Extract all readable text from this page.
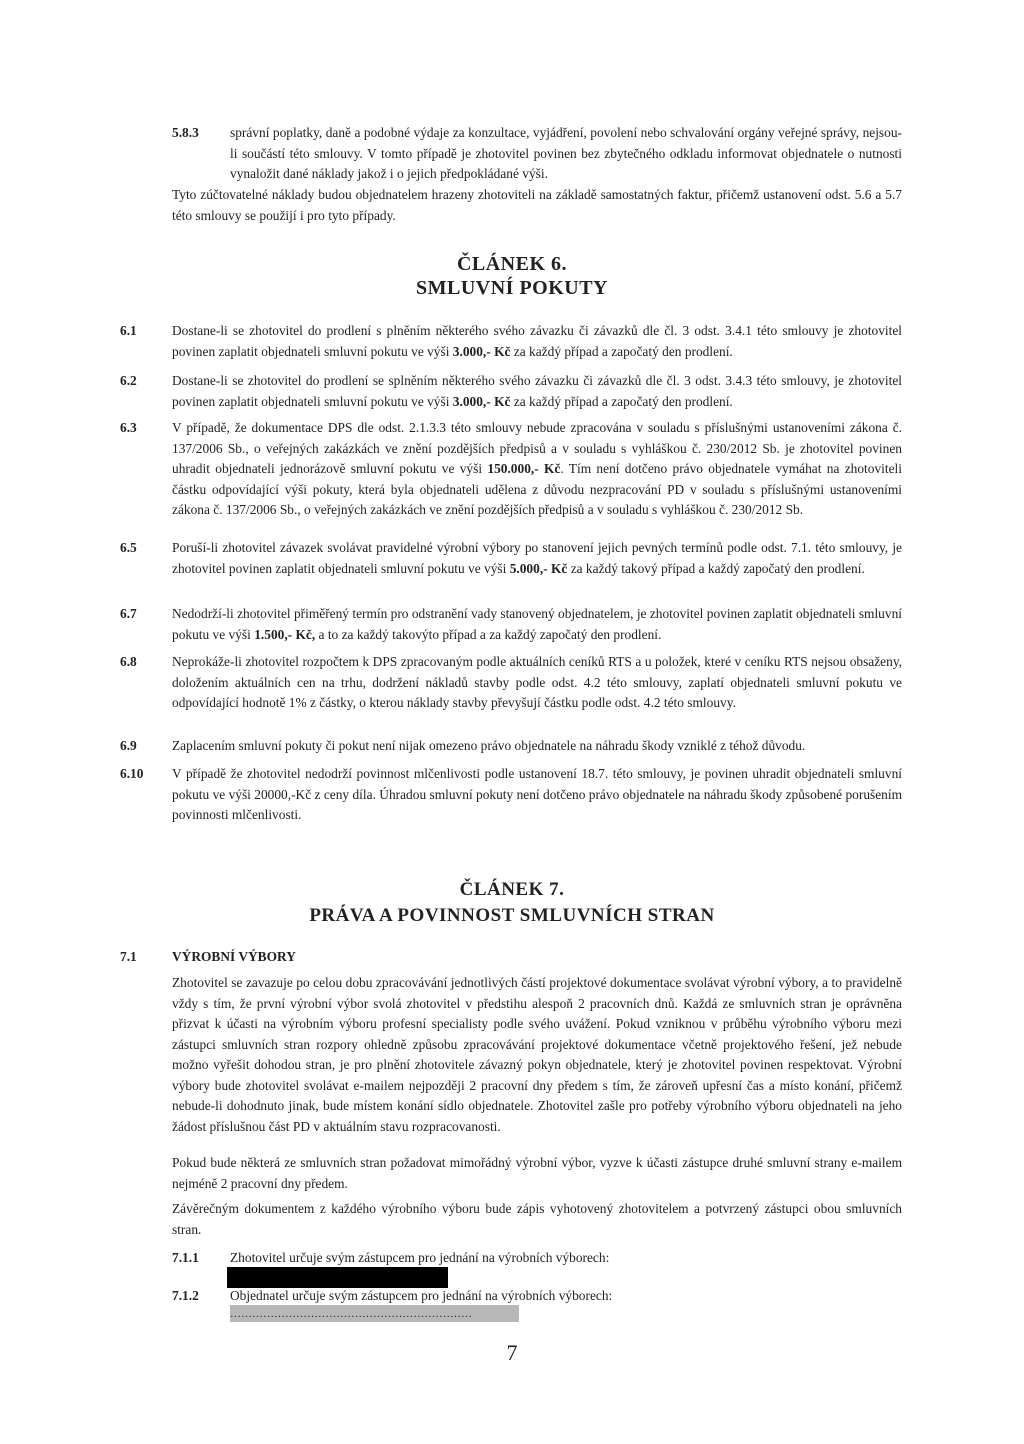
5.8.3 správní poplatky, daně a podobné výdaje za konzultace, vyjádření, povolení nebo schvalování orgány veřejné správy, nejsou-li součástí této smlouvy. V tomto případě je zhotovitel povinen bez zbytečného odkladu informovat objednatele o nutnosti vynaložit dané náklady jakož i o jejich předpokládané výši.
Tyto zúčtovatelné náklady budou objednatelem hrazeny zhotoviteli na základě samostatných faktur, přičemž ustanovení odst. 5.6 a 5.7 této smlouvy se použijí i pro tyto případy.
ČLÁNEK 6.
SMLUVNÍ POKUTY
6.1	Dostane-li se zhotovitel do prodlení s plněním některého svého závazku či závazků dle čl. 3 odst. 3.4.1 této smlouvy je zhotovitel povinen zaplatit objednateli smluvní pokutu ve výši 3.000,- Kč za každý případ a započatý den prodlení.
6.2	Dostane-li se zhotovitel do prodlení se splněním některého svého závazku či závazků dle čl. 3 odst. 3.4.3 této smlouvy, je zhotovitel povinen zaplatit objednateli smluvní pokutu ve výši 3.000,- Kč za každý případ a započatý den prodlení.
6.3	V případě, že dokumentace DPS dle odst. 2.1.3.3 této smlouvy nebude zpracována v souladu s příslušnými ustanoveními zákona č. 137/2006 Sb., o veřejných zakázkách ve znění pozdějších předpisů a v souladu s vyhláškou č. 230/2012 Sb. je zhotovitel povinen uhradit objednateli jednorázově smluvní pokutu ve výši 150.000,- Kč. Tím není dotčeno právo objednatele vymáhat na zhotoviteli částku odpovídající výši pokuty, která byla objednateli udělena z důvodu nezpracování PD v souladu s příslušnými ustanoveními zákona č. 137/2006 Sb., o veřejných zakázkách ve znění pozdějších předpisů a v souladu s vyhláškou č. 230/2012 Sb.
6.5	Poruší-li zhotovitel závazek svolávat pravidelné výrobní výbory po stanovení jejich pevných termínů podle odst. 7.1. této smlouvy, je zhotovitel povinen zaplatit objednateli smluvní pokutu ve výši 5.000,- Kč za každý takový případ a každý započatý den prodlení.
6.7	Nedodrží-li zhotovitel přiměřený termín pro odstranění vady stanovený objednatelem, je zhotovitel povinen zaplatit objednateli smluvní pokutu ve výši 1.500,- Kč, a to za každý takovýto případ a za každý započatý den prodlení.
6.8	Neprokáže-li zhotovitel rozpočtem k DPS zpracovaným podle aktuálních ceníků RTS a u položek, které v ceníku RTS nejsou obsaženy, doložením aktuálních cen na trhu, dodržení nákladů stavby podle odst. 4.2 této smlouvy, zaplatí objednateli smluvní pokutu ve odpovídající hodnotě 1% z částky, o kterou náklady stavby převyšují částku podle odst. 4.2 této smlouvy.
6.9	Zaplacením smluvní pokuty či pokut není nijak omezeno právo objednatele na náhradu škody vzniklé z téhož důvodu.
6.10 V případě že zhotovitel nedodrží povinnost mlčenlivosti podle ustanovení 18.7. této smlouvy, je povinen uhradit objednateli smluvní pokutu ve výši 20000,-Kč z ceny díla. Úhradou smluvní pokuty není dotčeno právo objednatele na náhradu škody způsobené porušením povinnosti mlčenlivosti.
ČLÁNEK 7.
PRÁVA A POVINNOST SMLUVNÍCH STRAN
7.1	VÝROBNÍ VÝBORY
Zhotovitel se zavazuje po celou dobu zpracovávání jednotlivých částí projektové dokumentace svolávat výrobní výbory, a to pravidelně vždy s tím, že první výrobní výbor svolá zhotovitel v předstihu alespoň 2 pracovních dnů. Každá ze smluvních stran je oprávněna přizvat k účasti na výrobním výboru profesní specialisty podle svého uvážení. Pokud vzniknou v průběhu výrobního výboru mezi zástupci smluvních stran rozpory ohledně způsobu zpracovávání projektové dokumentace včetně projektového řešení, jež nebude možno vyřešit dohodou stran, je pro plnění zhotovitele závazný pokyn objednatele, který je zhotovitel povinen respektovat. Výrobní výbory bude zhotovitel svolávat e-mailem nejpozději 2 pracovní dny předem s tím, že zároveň upřesní čas a místo konání, přičemž nebude-li dohodnuto jinak, bude místem konání sídlo objednatele. Zhotovitel zašle pro potřeby výrobního výboru objednateli na jeho žádost příslušnou část PD v aktuálním stavu rozpracovanosti.
Pokud bude některá ze smluvních stran požadovat mimořádný výrobní výbor, vyzve k účasti zástupce druhé smluvní strany e-mailem nejméně 2 pracovní dny předem.
Závěrečným dokumentem z každého výrobního výboru bude zápis vyhotovený zhotovitelem a potvrzený zástupci obou smluvních stran.
7.1.1 Zhotovitel určuje svým zástupcem pro jednání na výrobních výborech:
7.1.2 Objednatel určuje svým zástupcem pro jednání na výrobních výborech:
…………………………………………………………
7
